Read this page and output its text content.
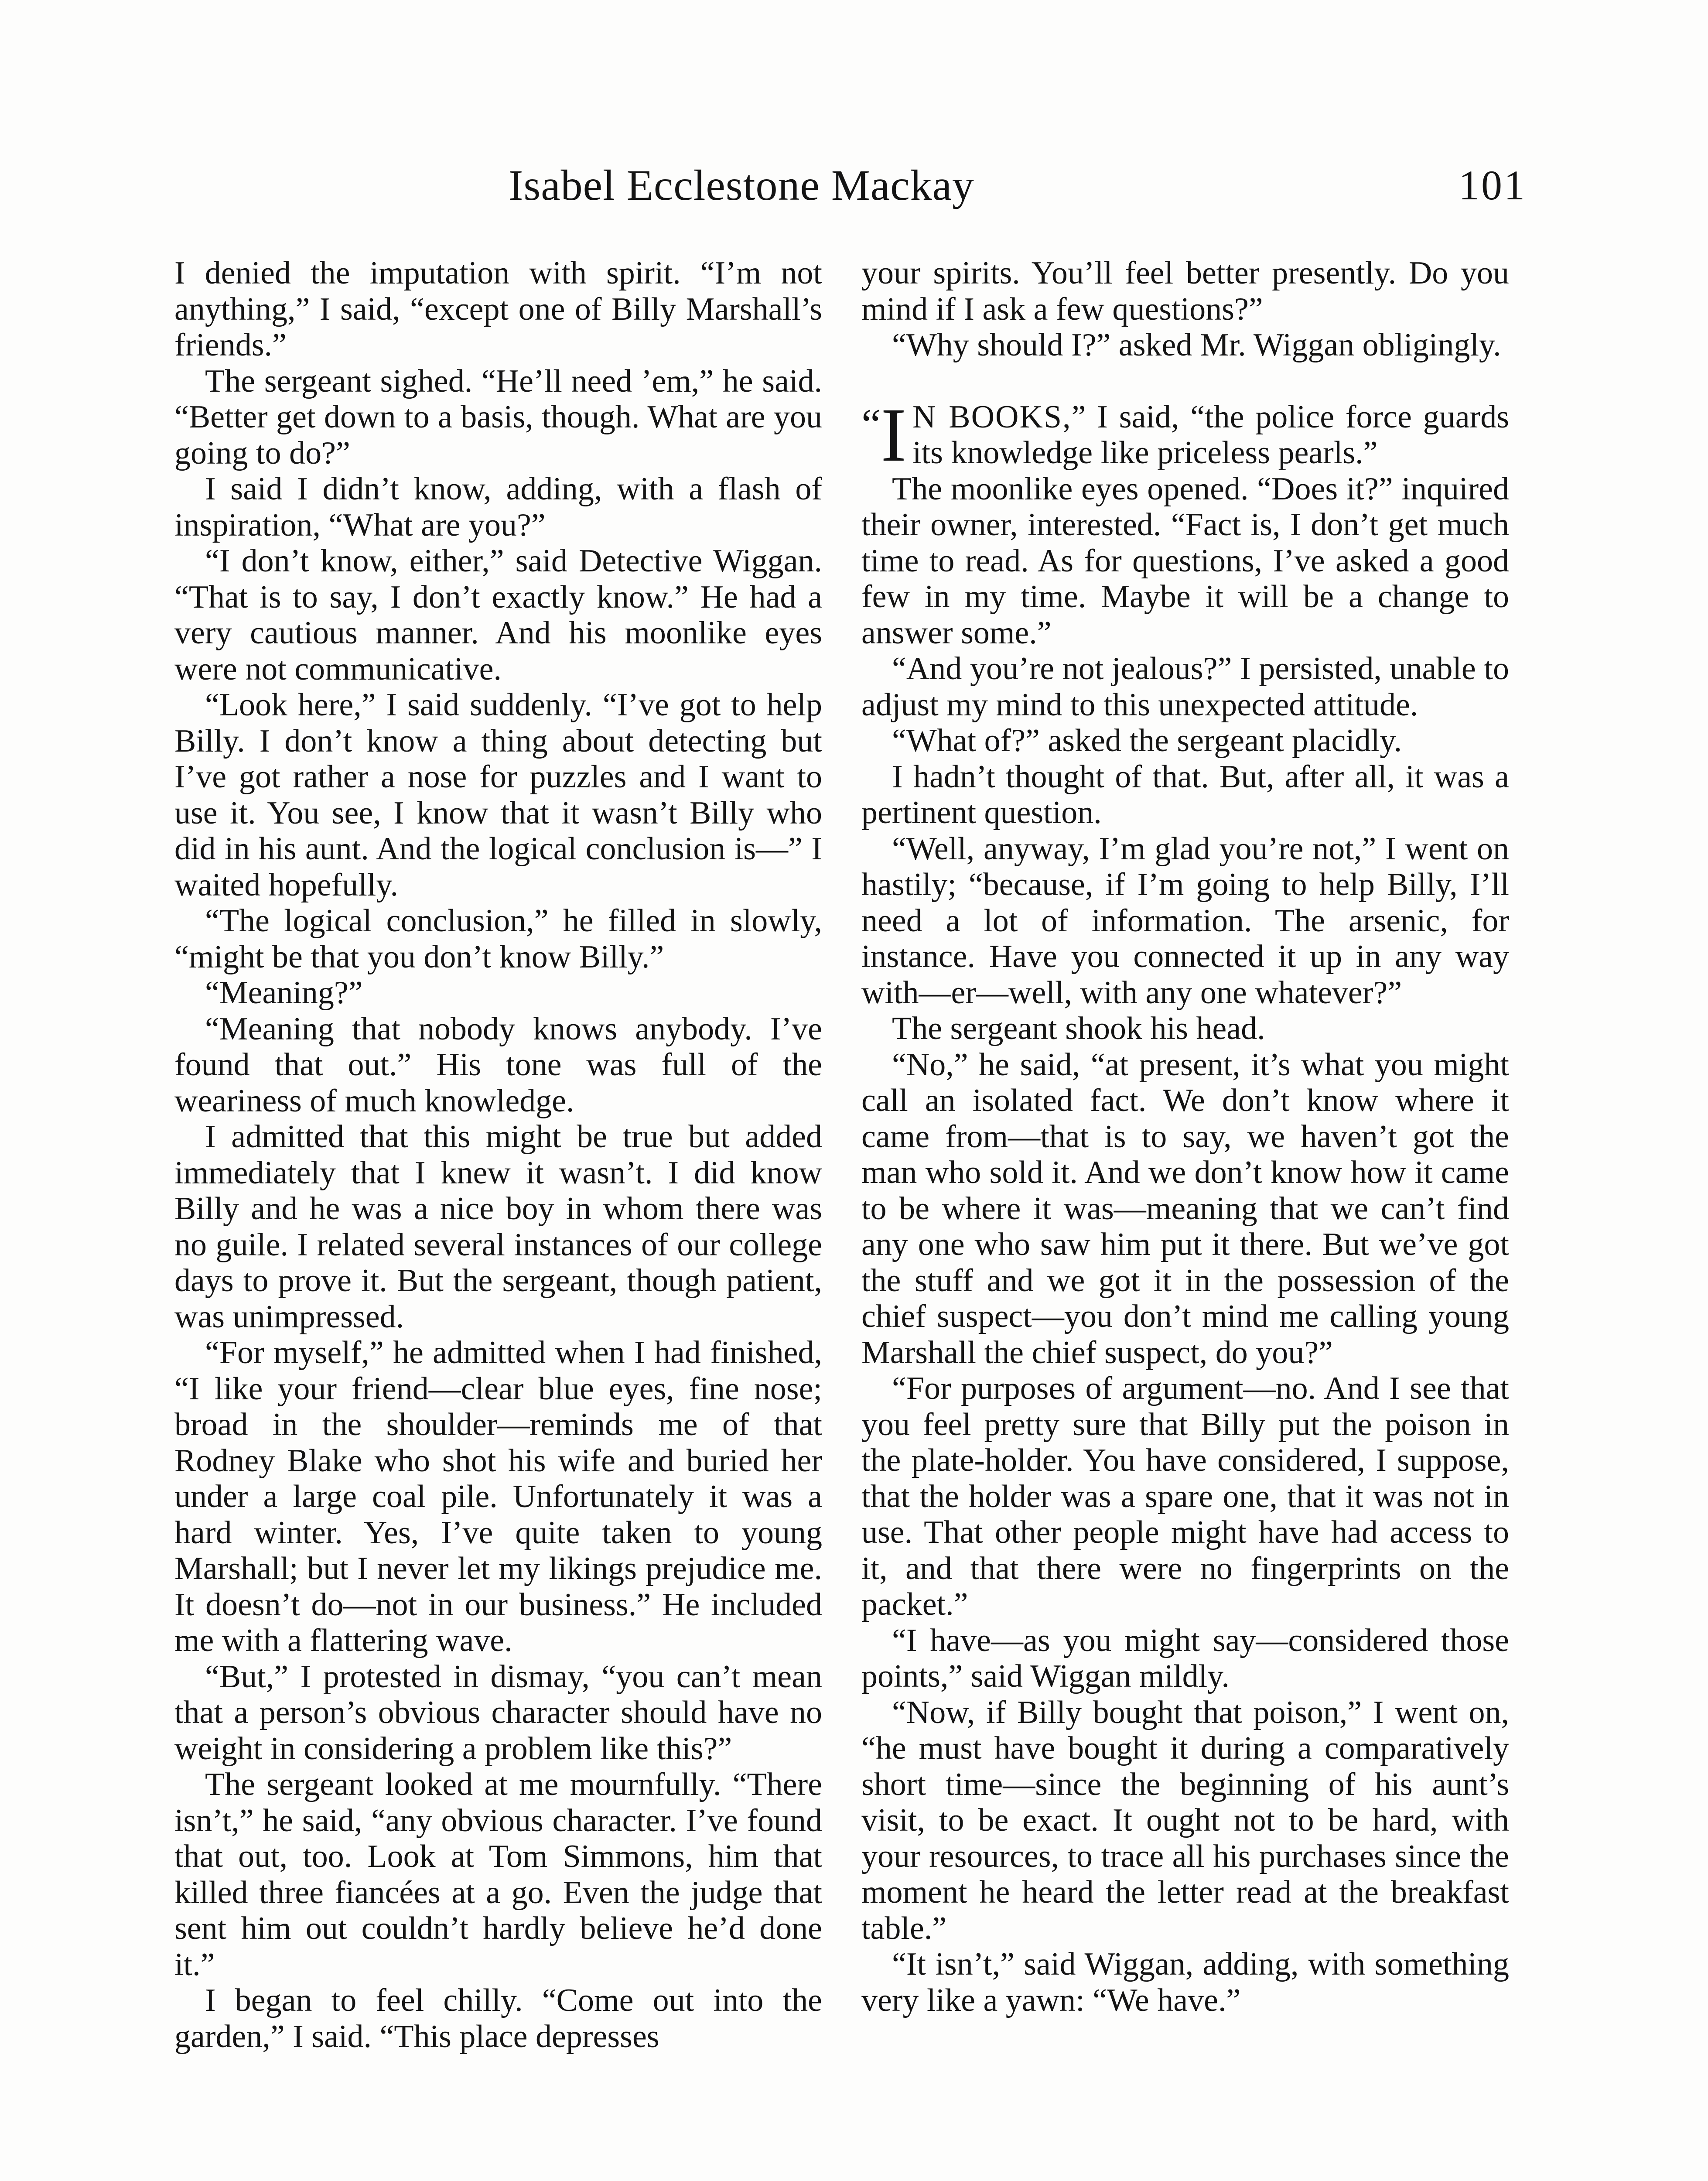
Isabel Ecclestone Mackay	101

I denied the imputation with spirit. “I’m not anything,” I said, “except one of Billy Marshall’s friends.”

The sergeant sighed. “He’ll need ’em,” he said. “Better get down to a basis, though. What are you going to do?”

I said I didn’t know, adding, with a flash of inspiration, “What are you?”

“I don’t know, either,” said Detective Wiggan. “That is to say, I don’t exactly know.” He had a very cautious manner. And his moonlike eyes were not communicative.

“Look here,” I said suddenly. “I’ve got to help Billy. I don’t know a thing about detecting but I’ve got rather a nose for puzzles and I want to use it. You see, I know that it wasn’t Billy who did in his aunt. And the logical conclusion is—” I waited hopefully.

“The logical conclusion,” he filled in slowly, “might be that you don’t know Billy.”

“Meaning?”

“Meaning that nobody knows anybody. I’ve found that out.” His tone was full of the weariness of much knowledge.

I admitted that this might be true but added immediately that I knew it wasn’t. I did know Billy and he was a nice boy in whom there was no guile. I related several instances of our college days to prove it. But the sergeant, though patient, was unimpressed.

“For myself,” he admitted when I had finished, “I like your friend—clear blue eyes, fine nose; broad in the shoulder—reminds me of that Rodney Blake who shot his wife and buried her under a large coal pile. Unfortunately it was a hard winter. Yes, I’ve quite taken to young Marshall; but I never let my likings prejudice me. It doesn’t do—not in our business.” He included me with a flattering wave.

“But,” I protested in dismay, “you can’t mean that a person’s obvious character should have no weight in considering a problem like this?”

The sergeant looked at me mournfully. “There isn’t,” he said, “any obvious character. I’ve found that out, too. Look at Tom Simmons, him that killed three fiancées at a go. Even the judge that sent him out couldn’t hardly believe he’d done it.”

I began to feel chilly. “Come out into the garden,” I said. “This place depresses

your spirits. You’ll feel better presently. Do you mind if I ask a few questions?”

“Why should I?” asked Mr. Wiggan obligingly.

“I N BOOKS,” I said, “the police force guards its knowledge like priceless pearls.”

The moonlike eyes opened. “Does it?” inquired their owner, interested. “Fact is, I don’t get much time to read. As for questions, I’ve asked a good few in my time. Maybe it will be a change to answer some.”

“And you’re not jealous?” I persisted, unable to adjust my mind to this unexpected attitude.

“What of?” asked the sergeant placidly.

I hadn’t thought of that. But, after all, it was a pertinent question.

“Well, anyway, I’m glad you’re not,” I went on hastily; “because, if I’m going to help Billy, I’ll need a lot of information. The arsenic, for instance. Have you connected it up in any way with—er—well, with any one whatever?”

The sergeant shook his head.

“No,” he said, “at present, it’s what you might call an isolated fact. We don’t know where it came from—that is to say, we haven’t got the man who sold it. And we don’t know how it came to be where it was—meaning that we can’t find any one who saw him put it there. But we’ve got the stuff and we got it in the possession of the chief suspect—you don’t mind me calling young Marshall the chief suspect, do you?”

“For purposes of argument—no. And I see that you feel pretty sure that Billy put the poison in the plate-holder. You have considered, I suppose, that the holder was a spare one, that it was not in use. That other people might have had access to it, and that there were no fingerprints on the packet.”

“I have—as you might say—considered those points,” said Wiggan mildly.

“Now, if Billy bought that poison,” I went on, “he must have bought it during a comparatively short time—since the beginning of his aunt’s visit, to be exact. It ought not to be hard, with your resources, to trace all his purchases since the moment he heard the letter read at the breakfast table.”

“It isn’t,” said Wiggan, adding, with something very like a yawn: “We have.”
